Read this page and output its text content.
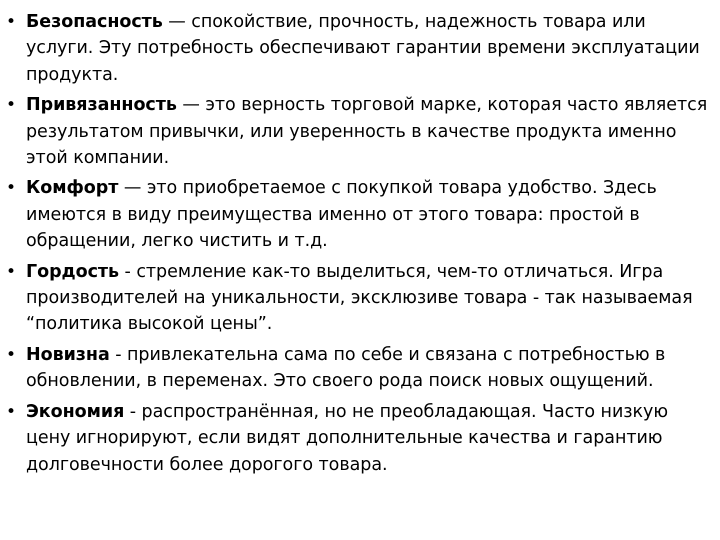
• Безопасность — спокойствие, прочность, надежность товара или услуги. Эту потребность обеспечивают гарантии времени эксплуатации продукта.
• Привязанность — это верность торговой марке, которая часто является результатом привычки, или уверенность в качестве продукта именно этой компании.
• Комфорт — это приобретаемое с покупкой товара удобство. Здесь имеются в виду преимущества именно от этого товара: простой в обращении, легко чистить и т.д.
• Гордость - стремление как-то выделиться, чем-то отличаться. Игра производителей на уникальности, эксклюзиве товара - так называемая “политика высокой цены”.
• Новизна - привлекательна сама по себе и связана с потребностью в обновлении, в переменах. Это своего рода поиск новых ощущений.
• Экономия - распространённая, но не преобладающая. Часто низкую цену игнорируют, если видят дополнительные качества и гарантию долговечности более дорогого товара.
